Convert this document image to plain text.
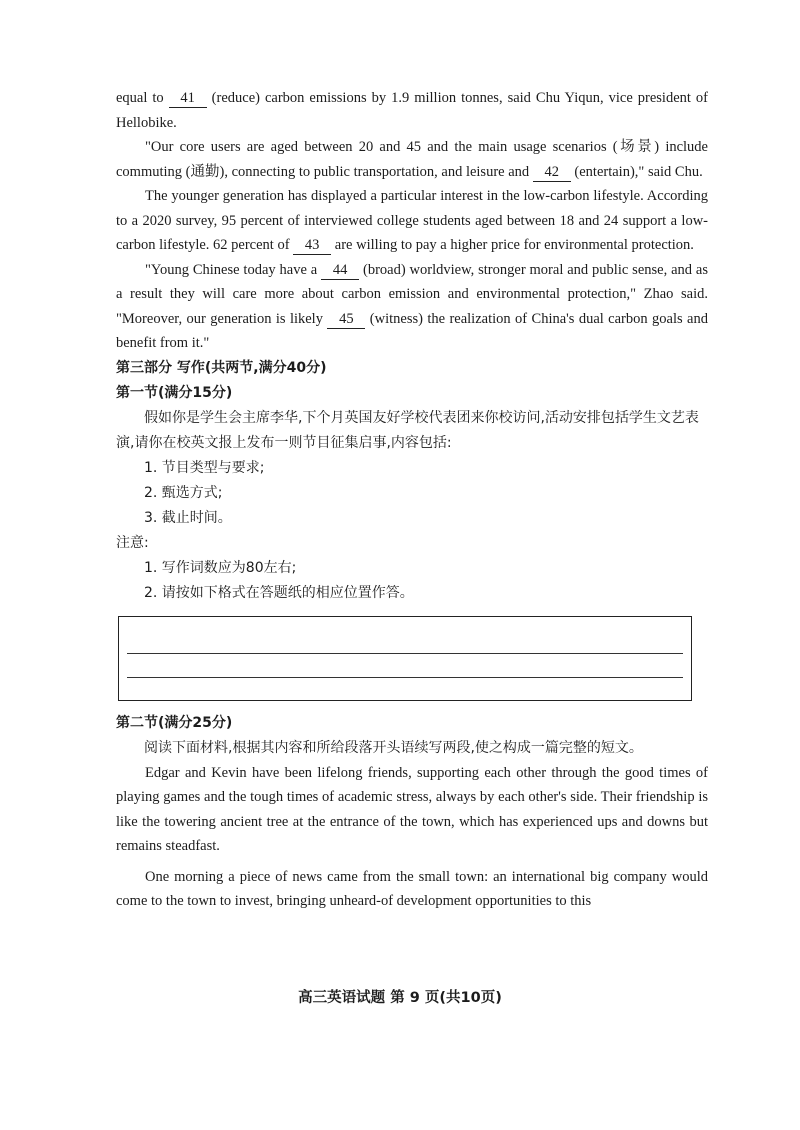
equal to 41 (reduce) carbon emissions by 1.9 million tonnes, said Chu Yiqun, vice president of Hellobike.

"Our core users are aged between 20 and 45 and the main usage scenarios (场景) include commuting (通勤), connecting to public transportation, and leisure and 42 (entertain)," said Chu.

The younger generation has displayed a particular interest in the low-carbon lifestyle. According to a 2020 survey, 95 percent of interviewed college students aged between 18 and 24 support a low-carbon lifestyle. 62 percent of 43 are willing to pay a higher price for environmental protection.

"Young Chinese today have a 44 (broad) worldview, stronger moral and public sense, and as a result they will care more about carbon emission and environmental protection," Zhao said. "Moreover, our generation is likely 45 (witness) the realization of China's dual carbon goals and benefit from it."

第三部分 写作(共两节,满分40分)

第一节(满分15分)

假如你是学生会主席李华,下个月英国友好学校代表团来你校访问,活动安排包括学生文艺表演,请你在校英文报上发布一则节目征集启事,内容包括:

1. 节目类型与要求;

2. 甄选方式;

3. 截止时间。

注意:

1. 写作词数应为80左右;

2. 请按如下格式在答题纸的相应位置作答。

第二节(满分25分)

阅读下面材料,根据其内容和所给段落开头语续写两段,使之构成一篇完整的短文。

Edgar and Kevin have been lifelong friends, supporting each other through the good times of playing games and the tough times of academic stress, always by each other's side. Their friendship is like the towering ancient tree at the entrance of the town, which has experienced ups and downs but remains steadfast.

One morning a piece of news came from the small town: an international big company would come to the town to invest, bringing unheard-of development opportunities to this

高三英语试题 第 9 页(共10页)
